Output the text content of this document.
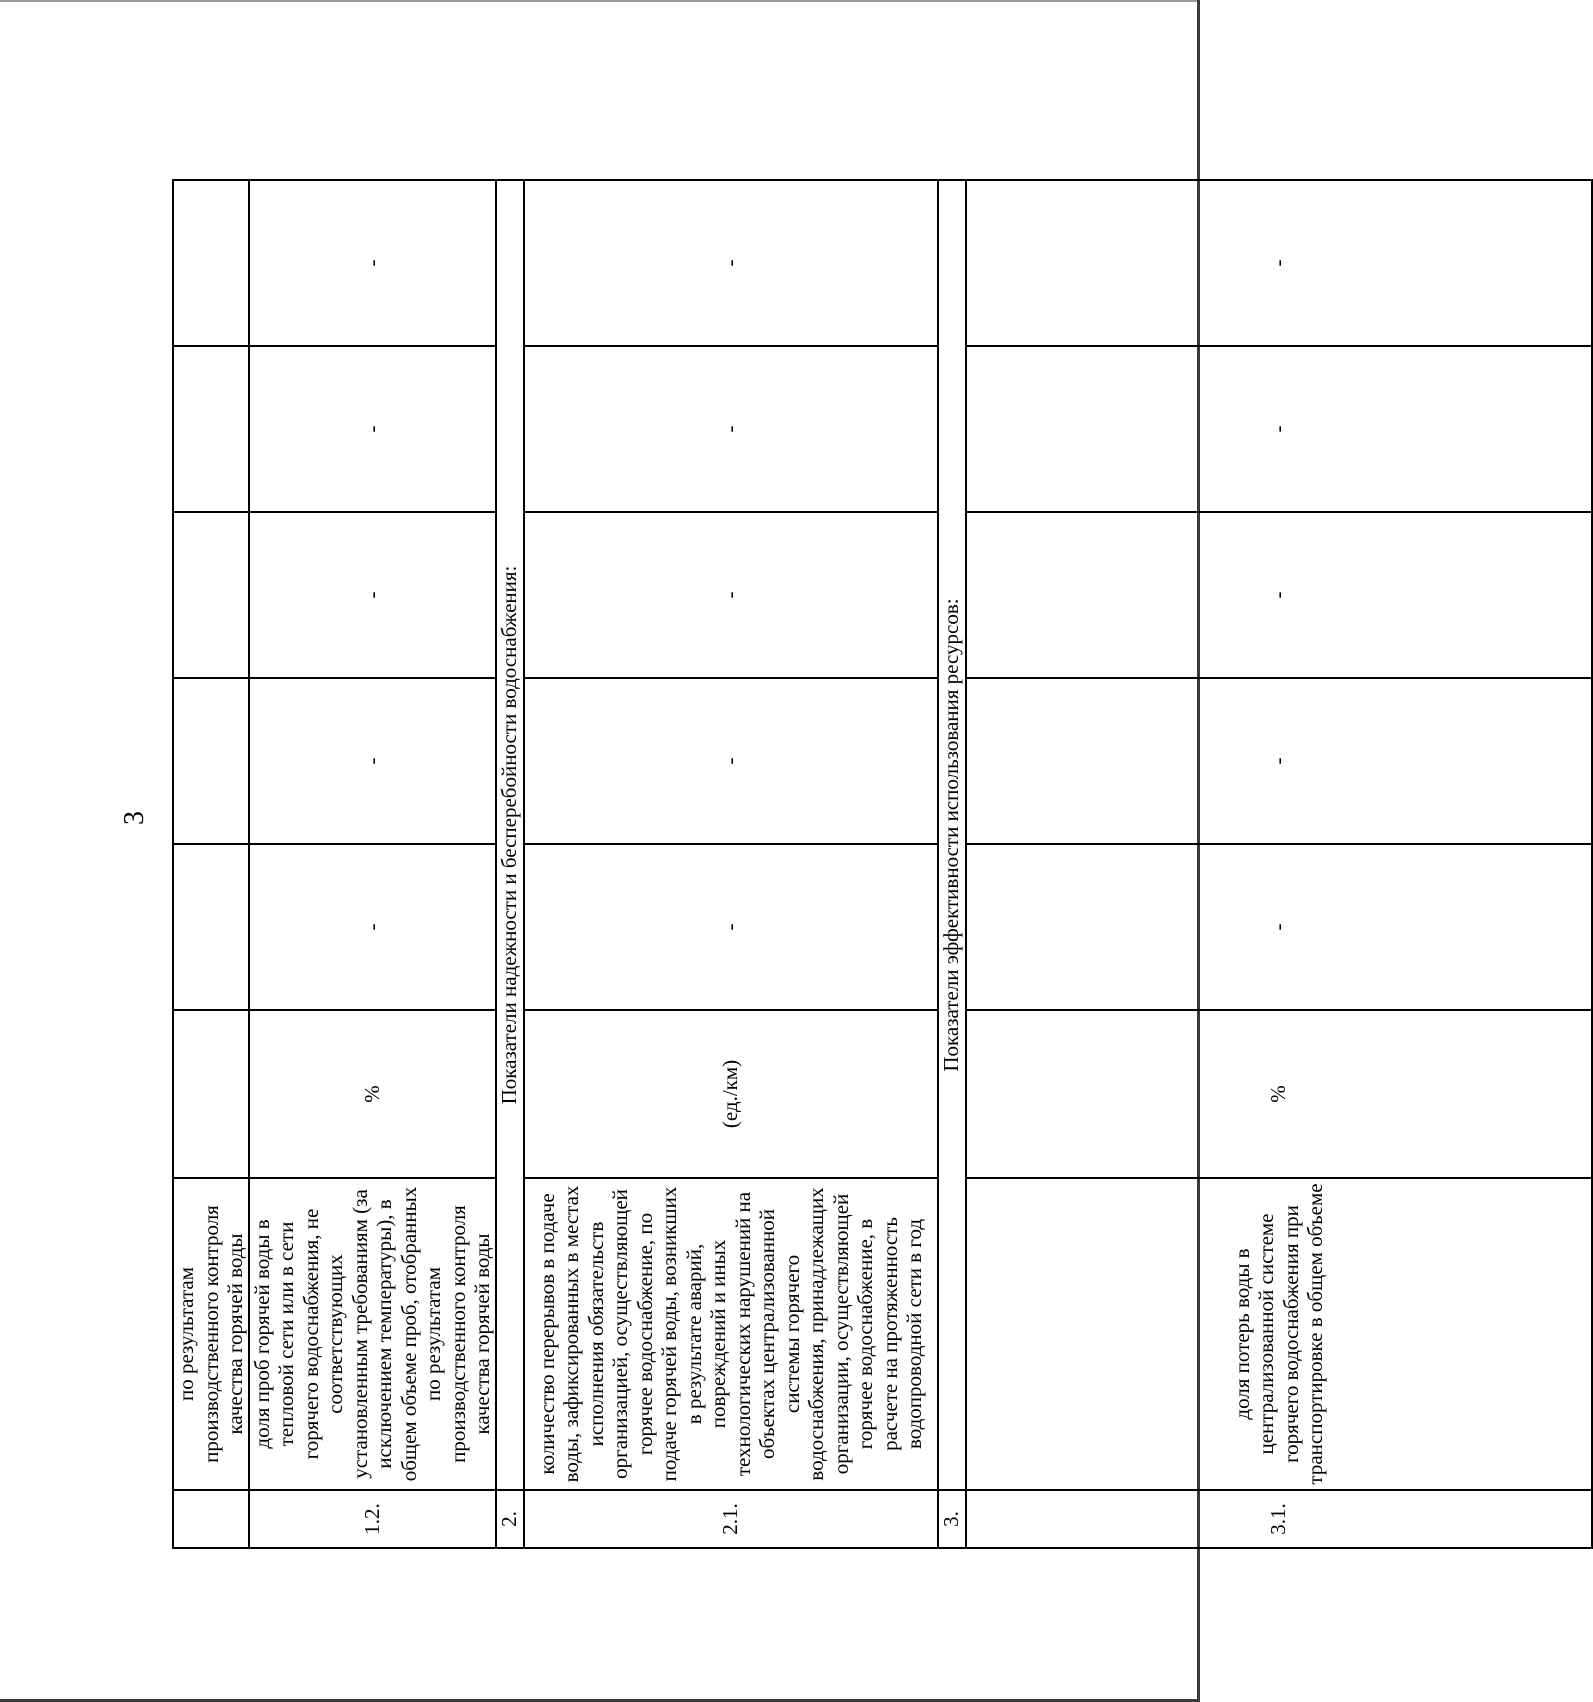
3
	по результатам производственного контроля качества горячей воды							
1.2.	доля проб горячей воды в тепловой сети или в сети горячего водоснабжения, не соответствующих установленным требованиям (за исключением температуры), в общем объеме проб, отобранных по результатам производственного контроля качества горячей воды	%	-	-	-	-	-	
2.	Показатели надежности и бесперебойности водоснабжения:							
2.1.	количество перерывов в подаче воды, зафиксированных в местах исполнения обязательств организацией, осуществляющей горячее водоснабжение, по подаче горячей воды, возникших в результате аварий, повреждений и иных технологических нарушений на объектах централизованной системы горячего водоснабжения, принадлежащих организации, осуществляющей горячее водоснабжение, в расчете на протяженность водопроводной сети в год	(ед./км)	-	-	-	-	-	
3.	Показатели эффективности использования ресурсов:							
3.1.	доля потерь воды в централизованной системе горячего водоснабжения при транспортировке в общем объеме	%	-	-	-	-	-	
